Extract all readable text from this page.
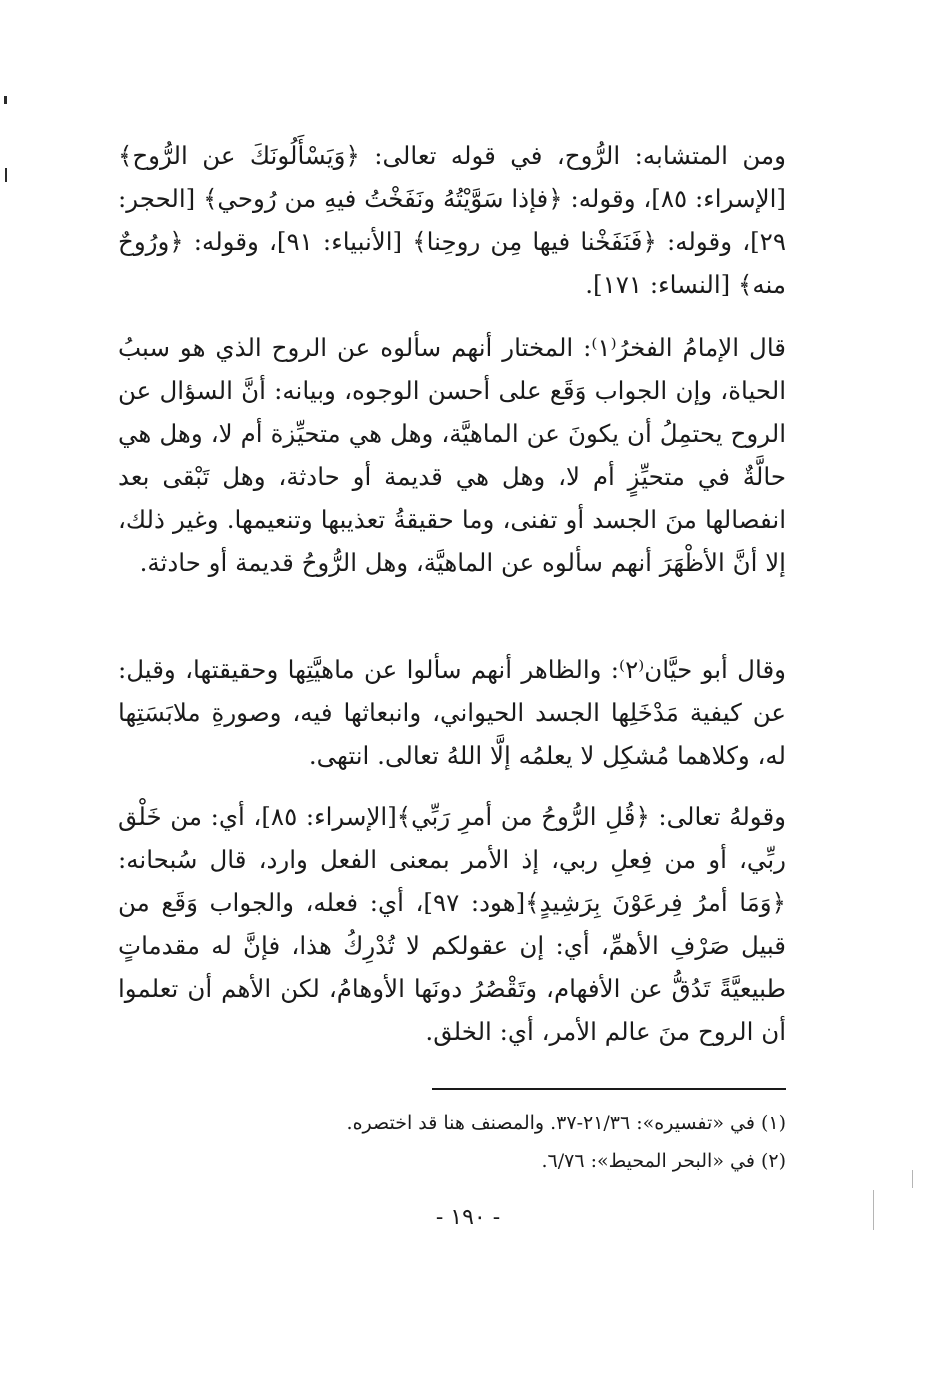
ومن المتشابه: الرُّوح، في قوله تعالى: ﴿وَيَسْأَلُونَكَ عن الرُّوح﴾[الإسراء: ٨٥]، وقوله: ﴿فإذا سَوَّيْتُهُ ونَفَخْتُ فيهِ من رُوحي﴾ [الحجر: ٢٩]، وقوله: ﴿فَنَفَخْنا فيها مِن روحِنا﴾ [الأنبياء: ٩١]، وقوله: ﴿ورُوحٌ منه﴾ [النساء: ١٧١].

قال الإمامُ الفخرُ⁽١⁾: المختار أنهم سألوه عن الروح الذي هو سببُ الحياة، وإن الجواب وَقَع على أحسن الوجوه، وبيانه: أنَّ السؤال عن الروح يحتمِلُ أن يكونَ عن الماهيَّة، وهل هي متحيِّزة أم لا، وهل هي حالَّةٌ في متحيِّزٍ أم لا، وهل هي قديمة أو حادثة، وهل تَبْقى بعد انفصالها منَ الجسد أو تفنى، وما حقيقةُ تعذيبها وتنعيمها. وغير ذلك، إلا أنَّ الأظْهَرَ أنهم سألوه عن الماهيَّة، وهل الرُّوحُ قديمة أو حادثة.

وقال أبو حيَّان⁽٢⁾: والظاهر أنهم سألوا عن ماهيَّتِها وحقيقتها، وقيل: عن كيفية مَدْخَلِها الجسد الحيواني، وانبعاثها فيه، وصورةِ ملابَسَتِها له، وكلاهما مُشكِل لا يعلمُه إلَّا اللهُ تعالى. انتهى.

وقولهُ تعالى: ﴿قُلِ الرُّوحُ من أمرِ رَبِّي﴾[الإسراء: ٨٥]، أي: من خَلْق ربِّي، أو من فِعلِ ربي، إذ الأمر بمعنى الفعل وارد، قال سُبحانه: ﴿وَمَا أمرُ فِرعَوْنَ بِرَشِيدٍ﴾[هود: ٩٧]، أي: فعله، والجواب وَقَع من قبيل صَرْفِ الأهمِّ، أي: إن عقولكم لا تُدْرِكُ هذا، فإنَّ له مقدماتٍ طبيعيَّةً تَدُقُّ عن الأفهام، وتَقْصُرُ دونَها الأوهامُ، لكن الأهم أن تعلموا أن الروح منَ عالم الأمر، أي: الخلق.

(١) في «تفسيره»: ٢١/٣٦-٣٧. والمصنف هنا قد اختصره.

(٢) في «البحر المحيط»: ٦/٧٦.

- ١٩٠ -
